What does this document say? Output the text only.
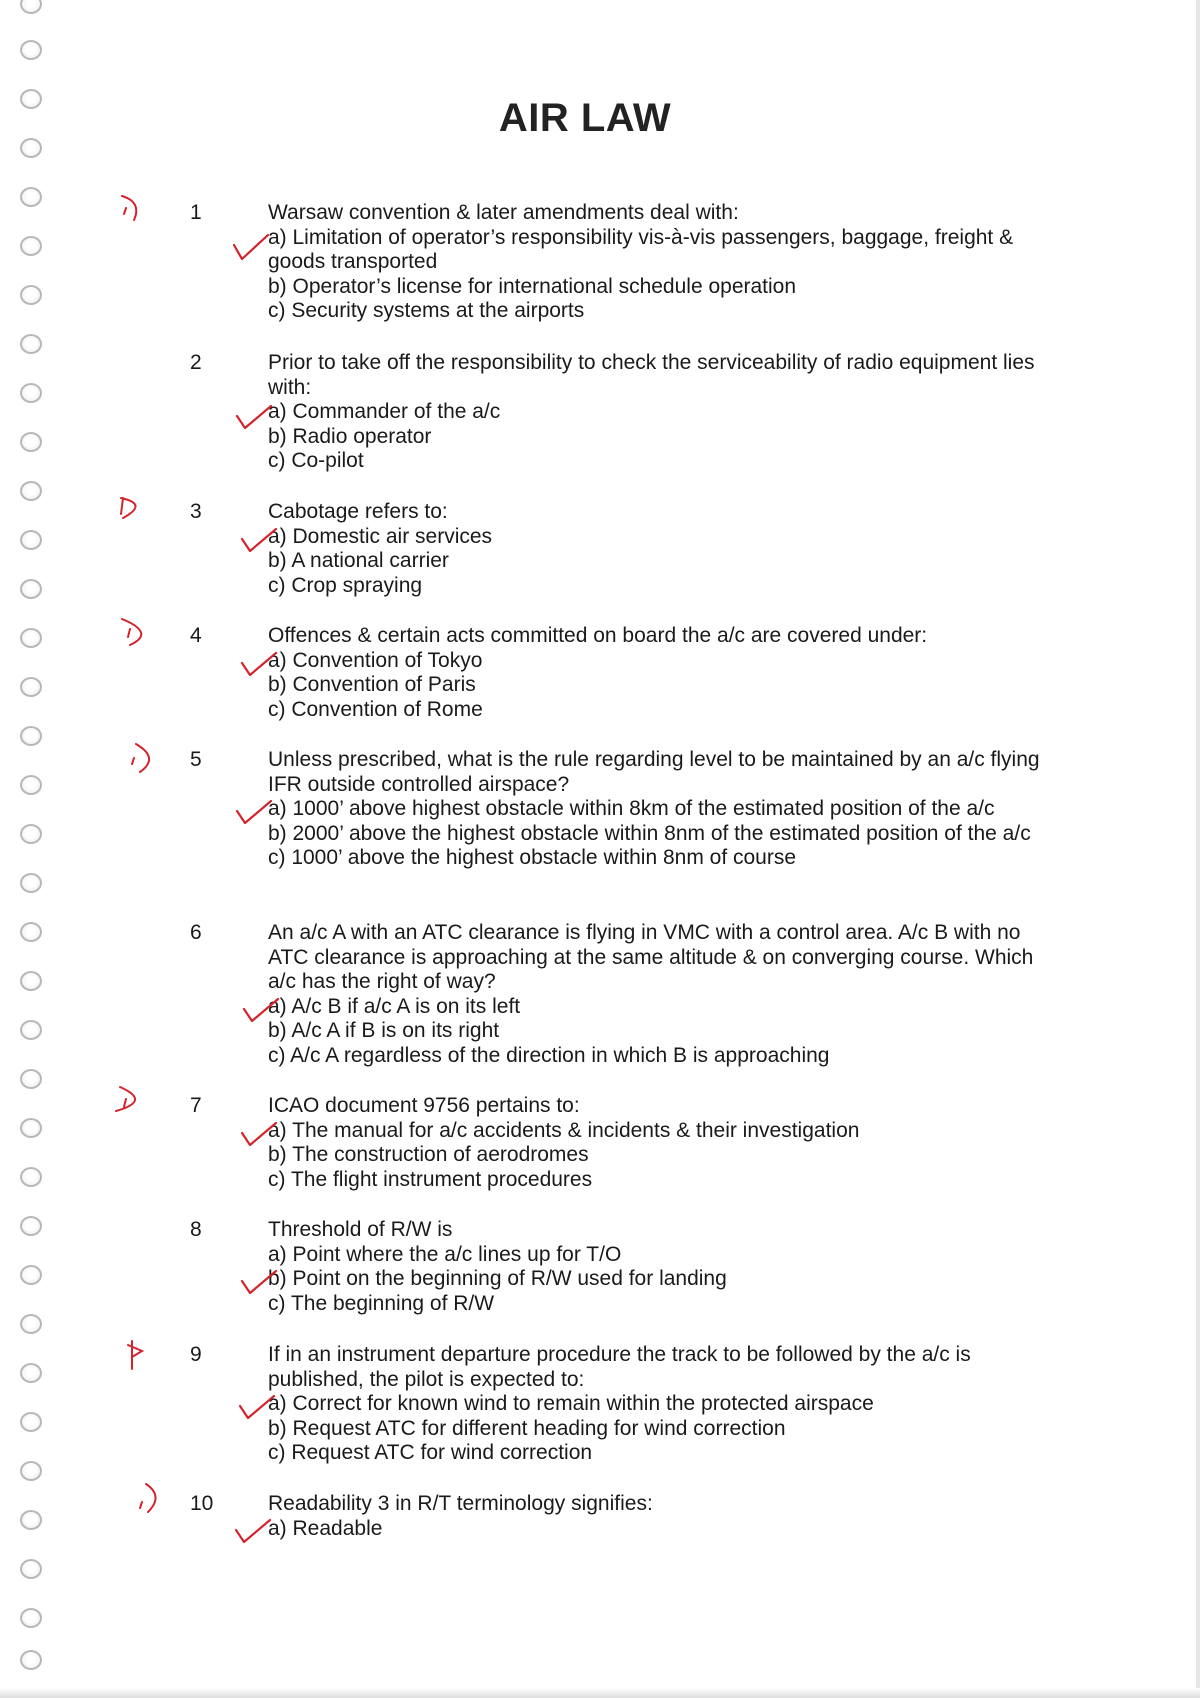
AIR LAW
1	Warsaw convention & later amendments deal with:
a) Limitation of operator’s responsibility vis-à-vis passengers, baggage, freight & goods transported
b) Operator’s license for international schedule operation
c) Security systems at the airports
2	Prior to take off the responsibility to check the serviceability of radio equipment lies with:
a) Commander of the a/c
b) Radio operator
c) Co-pilot
3	Cabotage refers to:
a) Domestic air services
b) A national carrier
c) Crop spraying
4	Offences & certain acts committed on board the a/c are covered under:
a) Convention of Tokyo
b) Convention of Paris
c) Convention of Rome
5	Unless prescribed, what is the rule regarding level to be maintained by an a/c flying IFR outside controlled airspace?
a) 1000’ above highest obstacle within 8km of the estimated position of the a/c
b) 2000’ above the highest obstacle within 8nm of the estimated position of the a/c
c) 1000’ above the highest obstacle within 8nm of course
6	An a/c A with an ATC clearance is flying in VMC with a control area. A/c B with no ATC clearance is approaching at the same altitude & on converging course. Which a/c has the right of way?
a) A/c B if a/c A is on its left
b) A/c A if B is on its right
c) A/c A regardless of the direction in which B is approaching
7	ICAO document 9756 pertains to:
a) The manual for a/c accidents & incidents & their investigation
b) The construction of aerodromes
c) The flight instrument procedures
8	Threshold of R/W is
a) Point where the a/c lines up for T/O
b) Point on the beginning of R/W used for landing
c) The beginning of R/W
9	If in an instrument departure procedure the track to be followed by the a/c is published, the pilot is expected to:
a) Correct for known wind to remain within the protected airspace
b) Request ATC for different heading for wind correction
c) Request ATC for wind correction
10	Readability 3 in R/T terminology signifies:
a) Readable
